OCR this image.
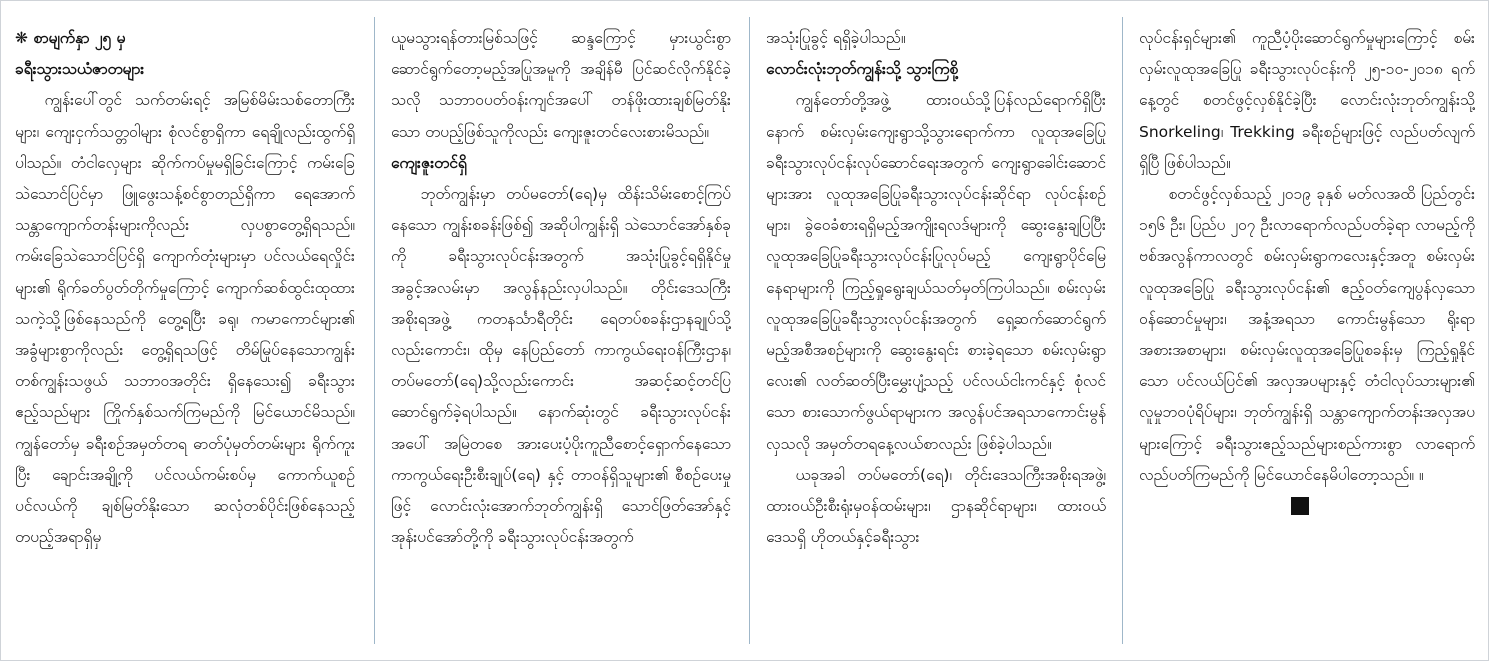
❋ စာမျက်နှာ ၂၅ မှ

ခရီးသွားသယံဇာတများ

ကျွန်းပေါ်တွင် သက်တမ်းရင့် အမြစ်မိမ်းသစ်တောကြီးများ၊ ကျေးငှက်သတ္တဝါများ စုံလင်စွာရှိကာ ရေချိုလည်းထွက်ရှိပါသည်။ တံငါလှေများ ဆိုက်ကပ်မှုမရှိခြင်းကြောင့် ကမ်းခြေသဲသောင်ပြင်မှာ ဖြူဖွေးသန့်စင်စွာတည်ရှိကာ ရေအောက် သန္တာကျောက်တန်းများကိုလည်း လှပစွာတွေ့ရှိရသည်။ ကမ်းခြေသဲသောင်ပြင်ရှိ ကျောက်တုံးများမှာ ပင်လယ်ရေလှိုင်းများ၏ ရိုက်ခတ်ပွတ်တိုက်မှုကြောင့် ကျောက်ဆစ်ထွင်းထုထားသကဲ့သို့ဖြစ်နေသည်ကို တွေ့ရပြီး ခရု၊ ကမာကောင်များ၏ အခွံများစွာကိုလည်း တွေ့ရှိရသဖြင့် တိမ်မြုပ်နေသောကျွန်းတစ်ကျွန်းသဖွယ် သဘာဝအတိုင်း ရှိနေသေး၍ ခရီးသွားဧည့်သည်များ ကြိုက်နှစ်သက်ကြမည်ကို မြင်ယောင်မိသည်။ ကျွန်တော်မှ ခရီးစဉ်အမှတ်တရ ဓာတ်ပုံမှတ်တမ်းများ ရိုက်ကူးပြီး ချောင်းအချို့ကို ပင်လယ်ကမ်းစပ်မှ ကောက်ယူစဉ် ပင်လယ်ကို ချစ်မြတ်နိုးသော ဆလုံတစ်ပိုင်းဖြစ်နေသည့် တပည့်အရာရှိမှ

ယူမသွားရန်တားမြစ်သဖြင့် ဆန္ဒကြောင့် မှားယွင်းစွာ ဆောင်ရွက်တော့မည့်အပြုအမူကို အချိန်မီ ပြင်ဆင်လိုက်နိုင်ခဲ့သလို သဘာဝပတ်ဝန်းကျင်အပေါ် တန်ဖိုးထားချစ်မြတ်နိုးသော တပည့်ဖြစ်သူကိုလည်း ကျေးဇူးတင်လေးစားမိသည်။

ကျေးဇူးတင်ရှိ

ဘုတ်ကျွန်းမှာ တပ်မတော်(ရေ)မှ ထိန်းသိမ်းစောင့်ကြပ်နေသော ကျွန်းစခန်းဖြစ်၍ အဆိုပါကျွန်းရှိ သဲသောင်အော်နှစ်ခုကို ခရီးသွားလုပ်ငန်းအတွက် အသုံးပြုခွင့်ရရှိနိုင်မှု အခွင့်အလမ်းမှာ အလွန်နည်းလှပါသည်။ တိုင်းဒေသကြီးအစိုးရအဖွဲ့ ကတနင်္သာရီတိုင်း ရေတပ်စခန်းဌာနချုပ်သို့ လည်းကောင်း၊ ထိုမှ နေပြည်တော် ကာကွယ်ရေးဝန်ကြီးဌာန၊ တပ်မတော်(ရေ)သို့လည်းကောင်း အဆင့်ဆင့်တင်ပြ ဆောင်ရွက်ခဲ့ရပါသည်။ နောက်ဆုံးတွင် ခရီးသွားလုပ်ငန်းအပေါ် အမြဲတစေ အားပေးပံ့ပိုးကူညီစောင့်ရှောက်နေသောကာကွယ်ရေးဦးစီးချုပ်(ရေ) နှင့် တာဝန်ရှိသူများ၏ စီစဉ်ပေးမှုဖြင့် လောင်းလုံးအောက်ဘုတ်ကျွန်းရှိ သောင်ဖြတ်အော်နှင့် အုန်းပင်အော်တို့ကို ခရီးသွားလုပ်ငန်းအတွက်

အသုံးပြုခွင့် ရရှိခဲ့ပါသည်။

လောင်းလုံးဘုတ်ကျွန်းသို့ သွားကြစို့

ကျွန်တော်တို့အဖွဲ့ ထားဝယ်သို့ပြန်လည်ရောက်ရှိပြီးနောက် စမ်းလှမ်းကျေးရွာသို့သွားရောက်ကာ လူထုအခြေပြုခရီးသွားလုပ်ငန်းလုပ်ဆောင်ရေးအတွက် ကျေးရွာခေါင်းဆောင်များအား လူထုအခြေပြုခရီးသွားလုပ်ငန်းဆိုင်ရာ လုပ်ငန်းစဉ်များ၊ ခွဲဝေခံစားရရှိမည့်အကျိုးရလဒ်များကို ဆွေးနွေးချပြပြီး လူထုအခြေပြုခရီးသွားလုပ်ငန်းပြုလုပ်မည့် ကျေးရွာပိုင်မြေနေရာများကို ကြည့်ရှုရွေးချယ်သတ်မှတ်ကြပါသည်။ စမ်းလှမ်းလူထုအခြေပြုခရီးသွားလုပ်ငန်းအတွက် ရှေ့ဆက်ဆောင်ရွက်မည့်အစီအစဉ်များကို ဆွေးနွေးရင်း စားခဲ့ရသော စမ်းလှမ်းရွာလေး၏ လတ်ဆတ်ပြီးမွှေးပျံ့သည့် ပင်လယ်ငါးကင်နှင့် စုံလင်သော စားသောက်ဖွယ်ရာများက အလွန်ပင်အရသာကောင်းမွန်လှသလို အမှတ်တရနေ့လယ်စာလည်း ဖြစ်ခဲ့ပါသည်။

ယခုအခါ တပ်မတော်(ရေ)၊ တိုင်းဒေသကြီးအစိုးရအဖွဲ့၊ ထားဝယ်ဦးစီးရုံးမှဝန်ထမ်းများ၊ ဌာနဆိုင်ရာများ၊ ထားဝယ်ဒေသရှိ ဟိုတယ်နှင့်ခရီးသွား

လုပ်ငန်းရှင်များ၏ ကူညီပံ့ပိုးဆောင်ရွက်မှုများကြောင့် စမ်းလှမ်းလူထုအခြေပြု ခရီးသွားလုပ်ငန်းကို ၂၅-၁၀-၂၀၁၈ ရက်နေ့တွင် စတင်ဖွင့်လှစ်နိုင်ခဲ့ပြီး လောင်းလုံးဘုတ်ကျွန်းသို့ Snorkeling၊ Trekking ခရီးစဉ်များဖြင့် လည်ပတ်လျက်ရှိပြီ ဖြစ်ပါသည်။

စတင်ဖွင့်လှစ်သည့် ၂၀၁၉ ခုနှစ် မတ်လအထိ ပြည်တွင်း ၁၅၆ ဦး၊ ပြည်ပ ၂၀၇ ဦးလာရောက်လည်ပတ်ခဲ့ရာ လာမည့်ကိုဗစ်အလွန်ကာလတွင် စမ်းလှမ်းရွာကလေးနှင့်အတူ စမ်းလှမ်းလူထုအခြေပြု ခရီးသွားလုပ်ငန်း၏ ဧည့်ဝတ်ကျေပွန်လှသော ဝန်ဆောင်မှုများ၊ အနံ့အရသာ ကောင်းမွန်သော ရိုးရာအစားအစာများ၊ စမ်းလှမ်းလူထုအခြေပြုစခန်းမှ ကြည့်ရှုနိုင်သော ပင်လယ်ပြင်၏ အလှအပများနှင့် တံငါလုပ်သားများ၏ လူမှုဘဝပုံရိပ်များ၊ ဘုတ်ကျွန်းရှိ သန္တာကျောက်တန်းအလှအပများကြောင့် ခရီးသွားဧည့်သည်များစည်ကားစွာ လာရောက်လည်ပတ်ကြမည်ကို မြင်ယောင်နေမိပါတော့သည်။ ။
